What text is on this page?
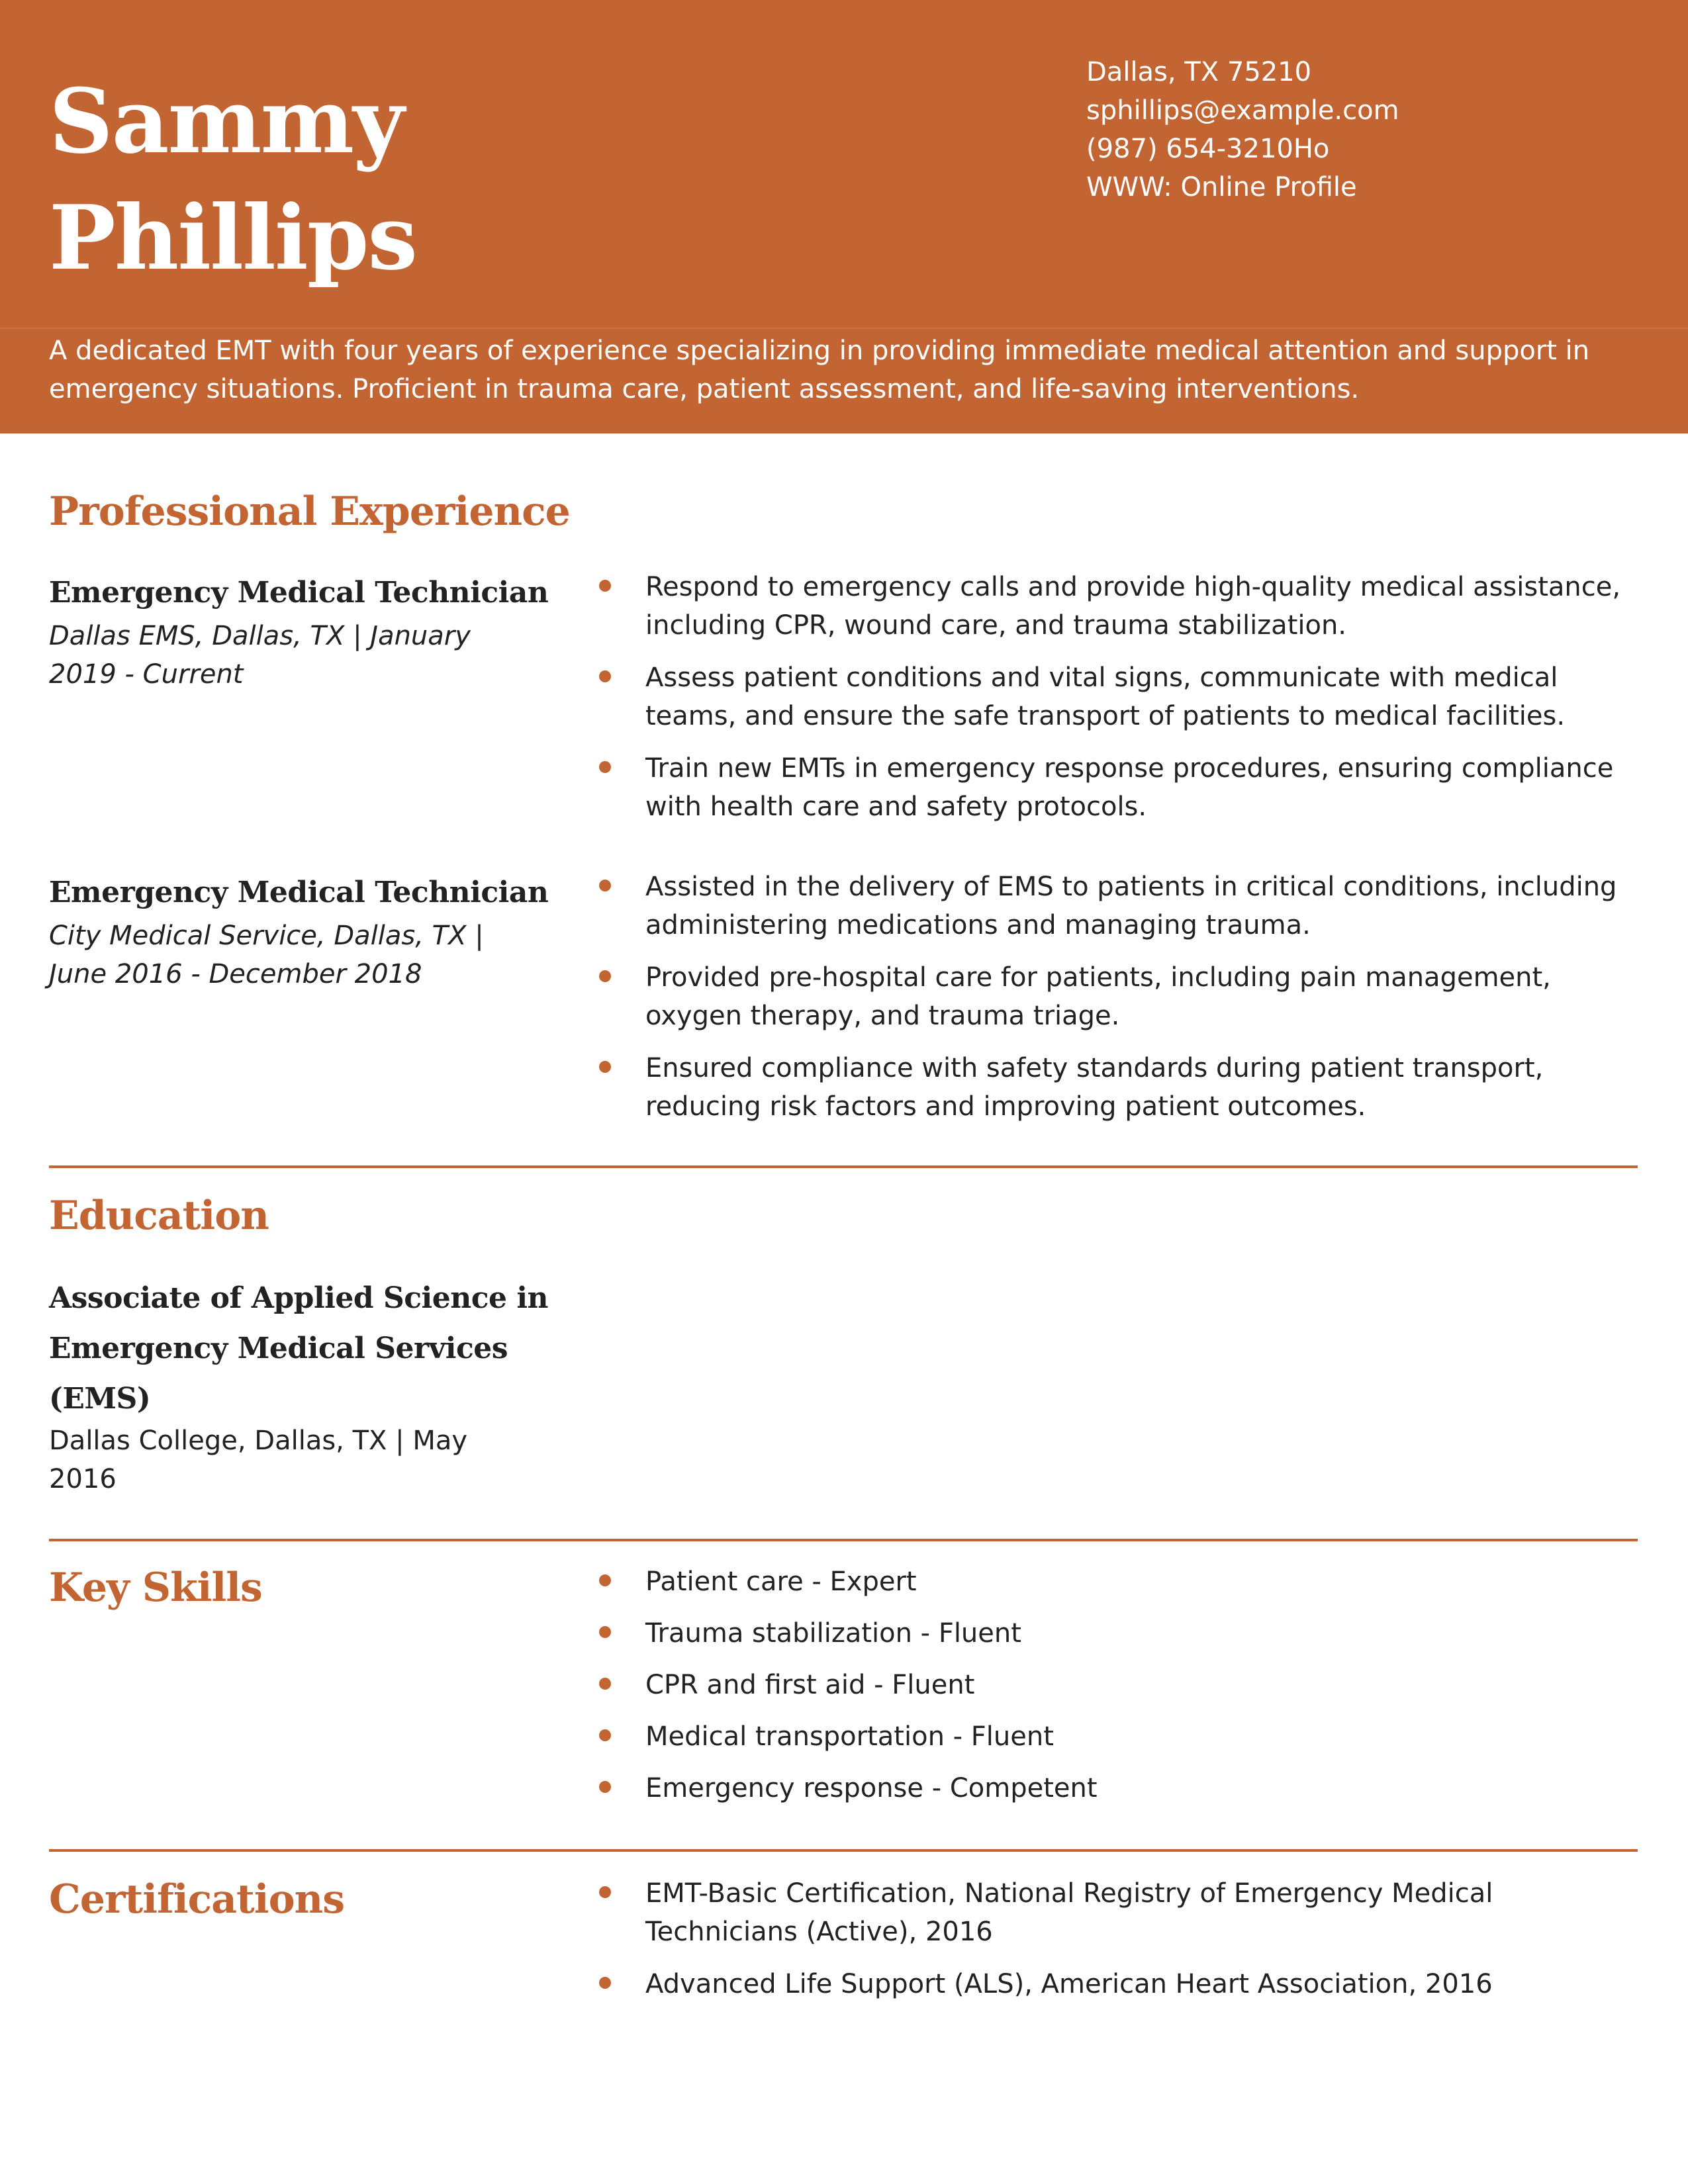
Sammy
Phillips
Dallas, TX 75210
sphillips@example.com
(987) 654-3210Ho
WWW: Online Profile
A dedicated EMT with four years of experience specializing in providing immediate medical attention and support in emergency situations. Proficient in trauma care, patient assessment, and life-saving interventions.
Professional Experience
Emergency Medical Technician
Dallas EMS, Dallas, TX | January 2019 - Current
Respond to emergency calls and provide high-quality medical assistance, including CPR, wound care, and trauma stabilization.
Assess patient conditions and vital signs, communicate with medical teams, and ensure the safe transport of patients to medical facilities.
Train new EMTs in emergency response procedures, ensuring compliance with health care and safety protocols.
Emergency Medical Technician
City Medical Service, Dallas, TX | June 2016 - December 2018
Assisted in the delivery of EMS to patients in critical conditions, including administering medications and managing trauma.
Provided pre-hospital care for patients, including pain management, oxygen therapy, and trauma triage.
Ensured compliance with safety standards during patient transport, reducing risk factors and improving patient outcomes.
Education
Associate of Applied Science in Emergency Medical Services (EMS)
Dallas College, Dallas, TX | May 2016
Key Skills	Patient care - Expert
Trauma stabilization - Fluent
CPR and first aid - Fluent
Medical transportation - Fluent
Emergency response - Competent
Certifications	EMT-Basic Certification, National Registry of Emergency Medical Technicians (Active), 2016
Advanced Life Support (ALS), American Heart Association, 2016
